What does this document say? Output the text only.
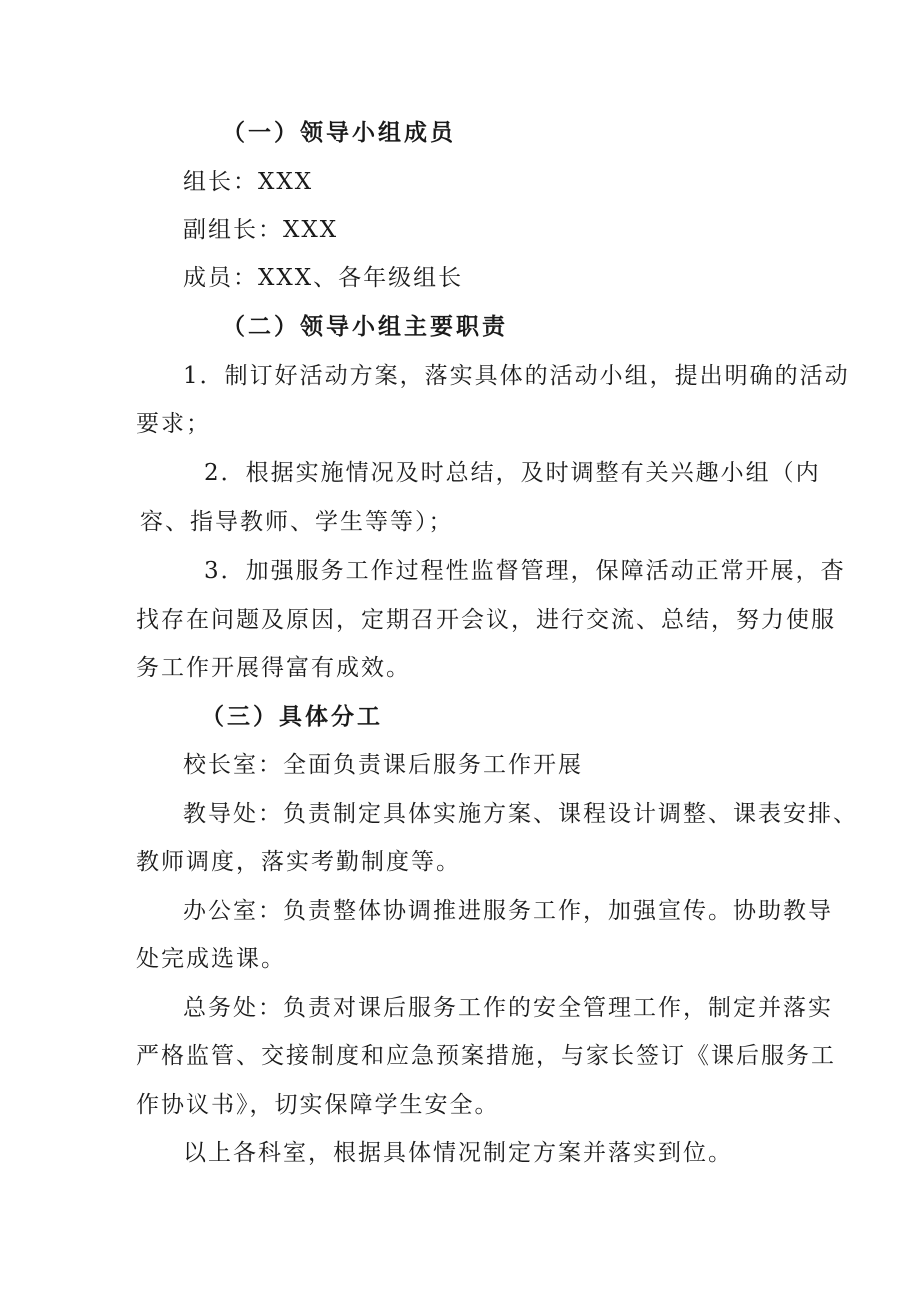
（一）领导小组成员
组长：XXX
副组长：XXX
成员：XXX、各年级组长
（二）领导小组主要职责
1．制订好活动方案，落实具体的活动小组，提出明确的活动
要求；
2．根据实施情况及时总结，及时调整有关兴趣小组（内
容、指导教师、学生等等）；
3．加强服务工作过程性监督管理，保障活动正常开展，杳
找存在问题及原因，定期召开会议，进行交流、总结，努力使服
务工作开展得富有成效。
（三）具体分工
校长室：全面负责课后服务工作开展
教导处：负责制定具体实施方案、课程设计调整、课表安排、
教师调度，落实考勤制度等。
办公室：负责整体协调推进服务工作，加强宣传。协助教导
处完成选课。
总务处：负责对课后服务工作的安全管理工作，制定并落实
严格监管、交接制度和应急预案措施，与家长签订《课后服务工
作协议书》，切实保障学生安全。
以上各科室，根据具体情况制定方案并落实到位。
